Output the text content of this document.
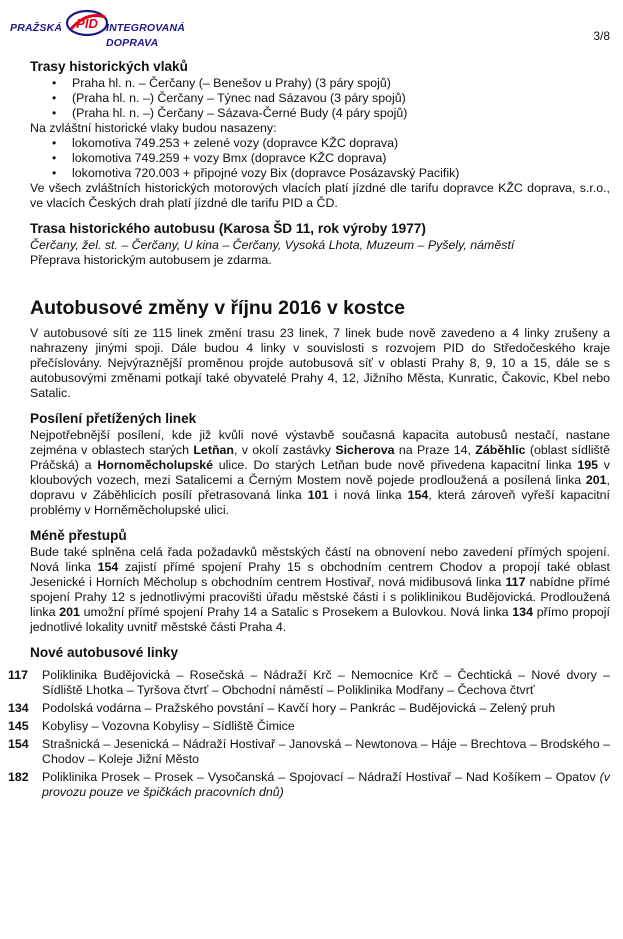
PRAŽSKÁ PID INTEGROVANÁ DOPRAVA	3/8
Trasy historických vlaků
• Praha hl. n. – Čerčany (– Benešov u Prahy) (3 páry spojů)
• (Praha hl. n. –) Čerčany – Týnec nad Sázavou (3 páry spojů)
• (Praha hl. n. –) Čerčany – Sázava-Černé Budy (4 páry spojů)

Na zvláštní historické vlaky budou nasazeny:

• lokomotiva 749.253 + zelené vozy (dopravce KŽC doprava)
• lokomotiva 749.259 + vozy Bmx (dopravce KŽC doprava)
• lokomotiva 720.003 + připojné vozy Bix (dopravce Posázavský Pacifik)

Ve všech zvláštních historických motorových vlacích platí jízdné dle tarifu dopravce KŽC doprava, s.r.o., ve vlacích Českých drah platí jízdné dle tarifu PID a ČD.

Trasa historického autobusu (Karosa ŠD 11, rok výroby 1977)

Čerčany, žel. st. – Čerčany, U kina – Čerčany, Vysoká Lhota, Muzeum – Pyšely, náměstí

Přeprava historickým autobusem je zdarma.

Autobusové změny v říjnu 2016 v kostce

V autobusové síti ze 115 linek změní trasu 23 linek, 7 linek bude nově zavedeno a 4 linky zrušeny a nahrazeny jinými spoji. Dále budou 4 linky v souvislosti s rozvojem PID do Středočeského kraje přečíslovány. Nejvýraznější proměnou projde autobusová síť v oblasti Prahy 8, 9, 10 a 15, dále se s autobusovými změnami potkají také obyvatelé Prahy 4, 12, Jižního Města, Kunratic, Čakovic, Kbel nebo Satalic.

Posílení přetížených linek

Nejpotřebnější posílení, kde již kvůli nové výstavbě současná kapacita autobusů nestačí, nastane zejména v oblastech starých Letňan, v okolí zastávky Sicherova na Praze 14, Záběhlic (oblast sídliště Práčská) a Hornoměcholupské ulice. Do starých Letňan bude nově přivedena kapacitní linka 195 v kloubových vozech, mezi Satalicemi a Černým Mostem nově pojede prodloužená a posílená linka 201, dopravu v Záběhlicích posílí přetrasovaná linka 101 i nová linka 154, která zároveň vyřeší kapacitní problémy v Horněměcholupské ulici.

Méně přestupů

Bude také splněna celá řada požadavků městských částí na obnovení nebo zavedení přímých spojení. Nová linka 154 zajistí přímé spojení Prahy 15 s obchodním centrem Chodov a propojí také oblast Jesenické i Horních Měcholup s obchodním centrem Hostivař, nová midibusová linka 117 nabídne přímé spojení Prahy 12 s jednotlivými pracovišti úřadu městské části i s poliklinikou Budějovická. Prodloužená linka 201 umožní přímé spojení Prahy 14 a Satalic s Prosekem a Bulovkou. Nová linka 134 přímo propojí jednotlivé lokality uvnitř městské části Praha 4.

Nové autobusové linky
117	Poliklinika Budějovická – Rosečská – Nádraží Krč – Nemocnice Krč – Čechtická – Nové dvory – Sídliště Lhotka – Tyršova čtvrť – Obchodní náměstí – Poliklinika Modřany – Čechova čtvrť
134	Podolská vodárna – Pražského povstání – Kavčí hory – Pankrác – Budějovická – Zelený pruh
145	Kobylisy – Vozovna Kobylisy – Sídliště Čimice
154	Strašnická – Jesenická – Nádraží Hostivař – Janovská – Newtonova – Háje – Brechtova – Brodského – Chodov – Koleje Jižní Město
182	Poliklinika Prosek – Prosek – Vysočanská – Spojovací – Nádraží Hostivař – Nad Košíkem – Opatov (v provozu pouze ve špičkách pracovních dnů)
